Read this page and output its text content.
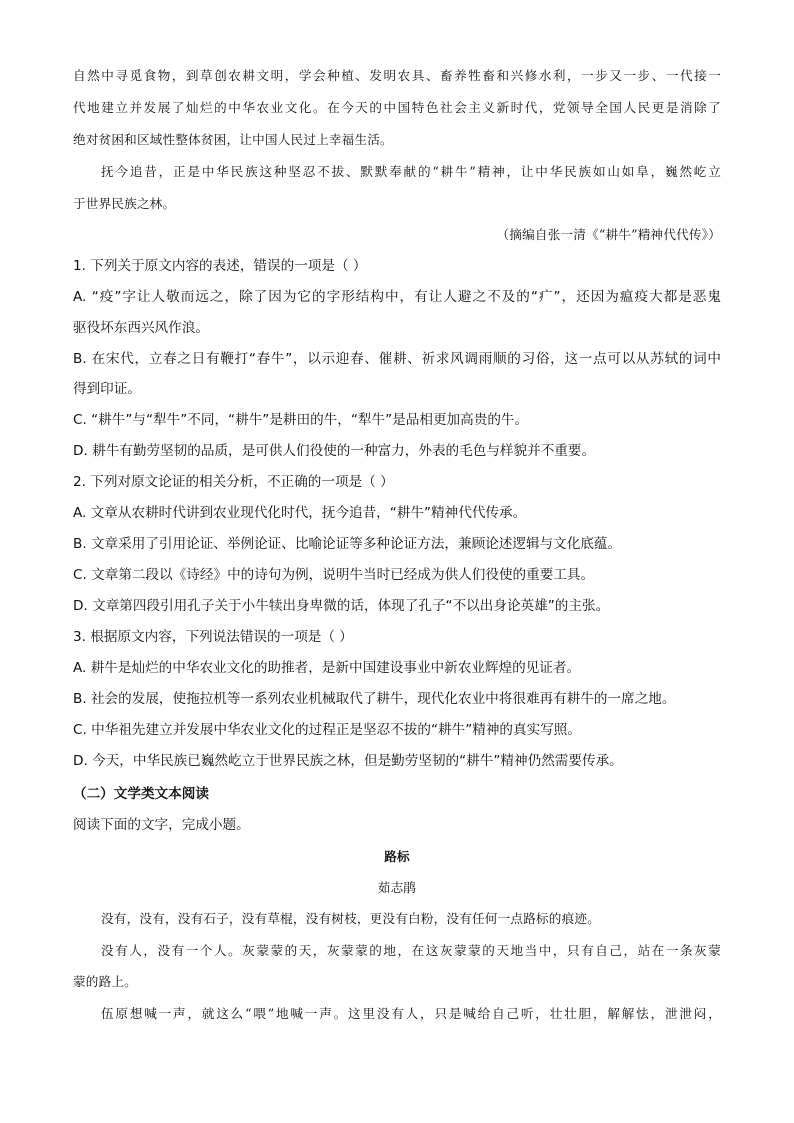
自然中寻觅食物，到草创农耕文明，学会种植、发明农具、畜养牲畜和兴修水利，一步又一步、一代接一
代地建立并发展了灿烂的中华农业文化。在今天的中国特色社会主义新时代，党领导全国人民更是消除了
绝对贫困和区域性整体贫困，让中国人民过上幸福生活。
抚今追昔，正是中华民族这种坚忍不拔、默默奉献的“耕牛”精神，让中华民族如山如阜，巍然屹立
于世界民族之林。
（摘编自张一清《“耕牛”精神代代传》）
1. 下列关于原文内容的表述，错误的一项是（ ）
A. “疫”字让人敬而远之，除了因为它的字形结构中，有让人避之不及的“疒”，还因为瘟疫大都是恶鬼
驱役坏东西兴风作浪。
B. 在宋代，立春之日有鞭打“春牛”，以示迎春、催耕、祈求风调雨顺的习俗，这一点可以从苏轼的词中
得到印证。
C. “耕牛”与“犁牛”不同，“耕牛”是耕田的牛，“犁牛”是品相更加高贵的牛。
D. 耕牛有勤劳坚韧的品质，是可供人们役使的一种富力，外表的毛色与样貌并不重要。
2. 下列对原文论证的相关分析，不正确的一项是（ ）
A. 文章从农耕时代讲到农业现代化时代，抚今追昔，“耕牛”精神代代传承。
B. 文章采用了引用论证、举例论证、比喻论证等多种论证方法，兼顾论述逻辑与文化底蕴。
C. 文章第二段以《诗经》中的诗句为例，说明牛当时已经成为供人们役使的重要工具。
D. 文章第四段引用孔子关于小牛犊出身卑微的话，体现了孔子“不以出身论英雄”的主张。
3. 根据原文内容，下列说法错误的一项是（ ）
A. 耕牛是灿烂的中华农业文化的助推者，是新中国建设事业中新农业辉煌的见证者。
B. 社会的发展，使拖拉机等一系列农业机械取代了耕牛，现代化农业中将很难再有耕牛的一席之地。
C. 中华祖先建立并发展中华农业文化的过程正是坚忍不拔的“耕牛”精神的真实写照。
D. 今天，中华民族已巍然屹立于世界民族之林，但是勤劳坚韧的“耕牛”精神仍然需要传承。
（二）文学类文本阅读
阅读下面的文字，完成小题。
路标
茹志鹃
没有，没有，没有石子，没有草棍，没有树枝，更没有白粉，没有任何一点路标的痕迹。
没有人，没有一个人。灰蒙蒙的天，灰蒙蒙的地，在这灰蒙蒙的天地当中，只有自己，站在一条灰蒙
蒙的路上。
伍原想喊一声，就这么“喂”地喊一声。这里没有人，只是喊给自己听，壮壮胆，解解怯，泄泄闷，
